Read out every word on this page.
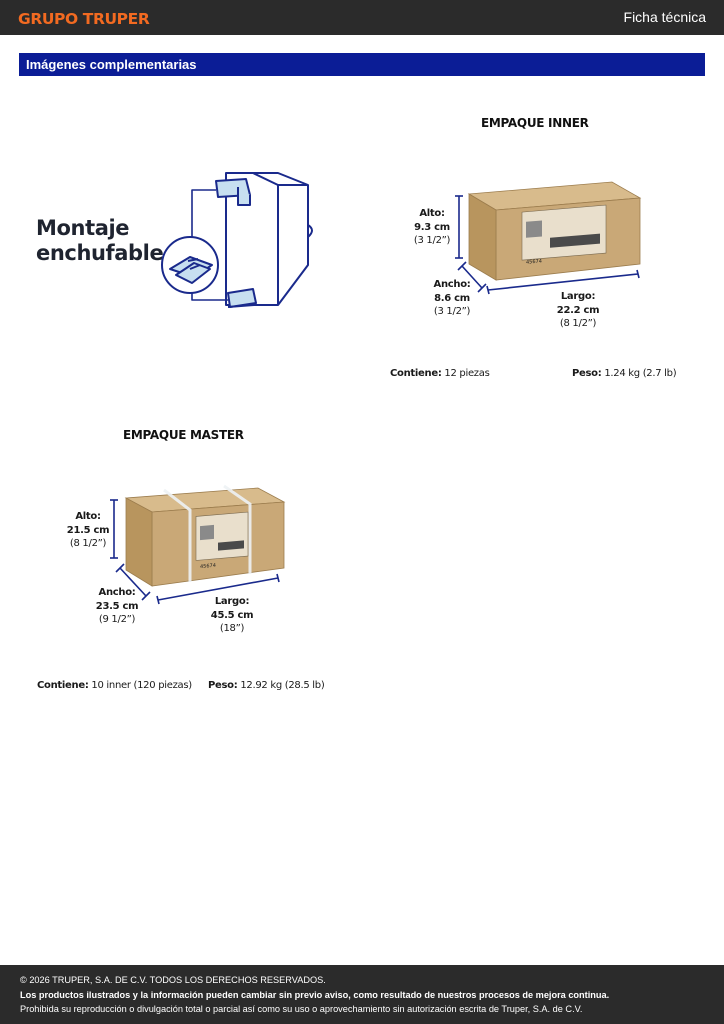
GRUPO TRUPER	Ficha técnica
Imágenes complementarias
Montaje
enchufable
EMPAQUE INNER
45674
Alto:
9.3 cm
(3 1/2”)
Ancho:
8.6 cm
(3 1/2”)
Largo:
22.2 cm
(8 1/2”)
Contiene: 12 piezas	Peso: 1.24 kg (2.7 lb)
EMPAQUE MASTER
45674
Alto:
21.5 cm
(8 1/2”)
Ancho:
23.5 cm
(9 1/2”)
Largo:
45.5 cm
(18”)
Contiene: 10 inner (120 piezas) Peso: 12.92 kg (28.5 lb)
© 2026 TRUPER, S.A. DE C.V. TODOS LOS DERECHOS RESERVADOS.
Los productos ilustrados y la información pueden cambiar sin previo aviso, como resultado de nuestros procesos de mejora continua.
Prohibida su reproducción o divulgación total o parcial así como su uso o aprovechamiento sin autorización escrita de Truper, S.A. de C.V.
